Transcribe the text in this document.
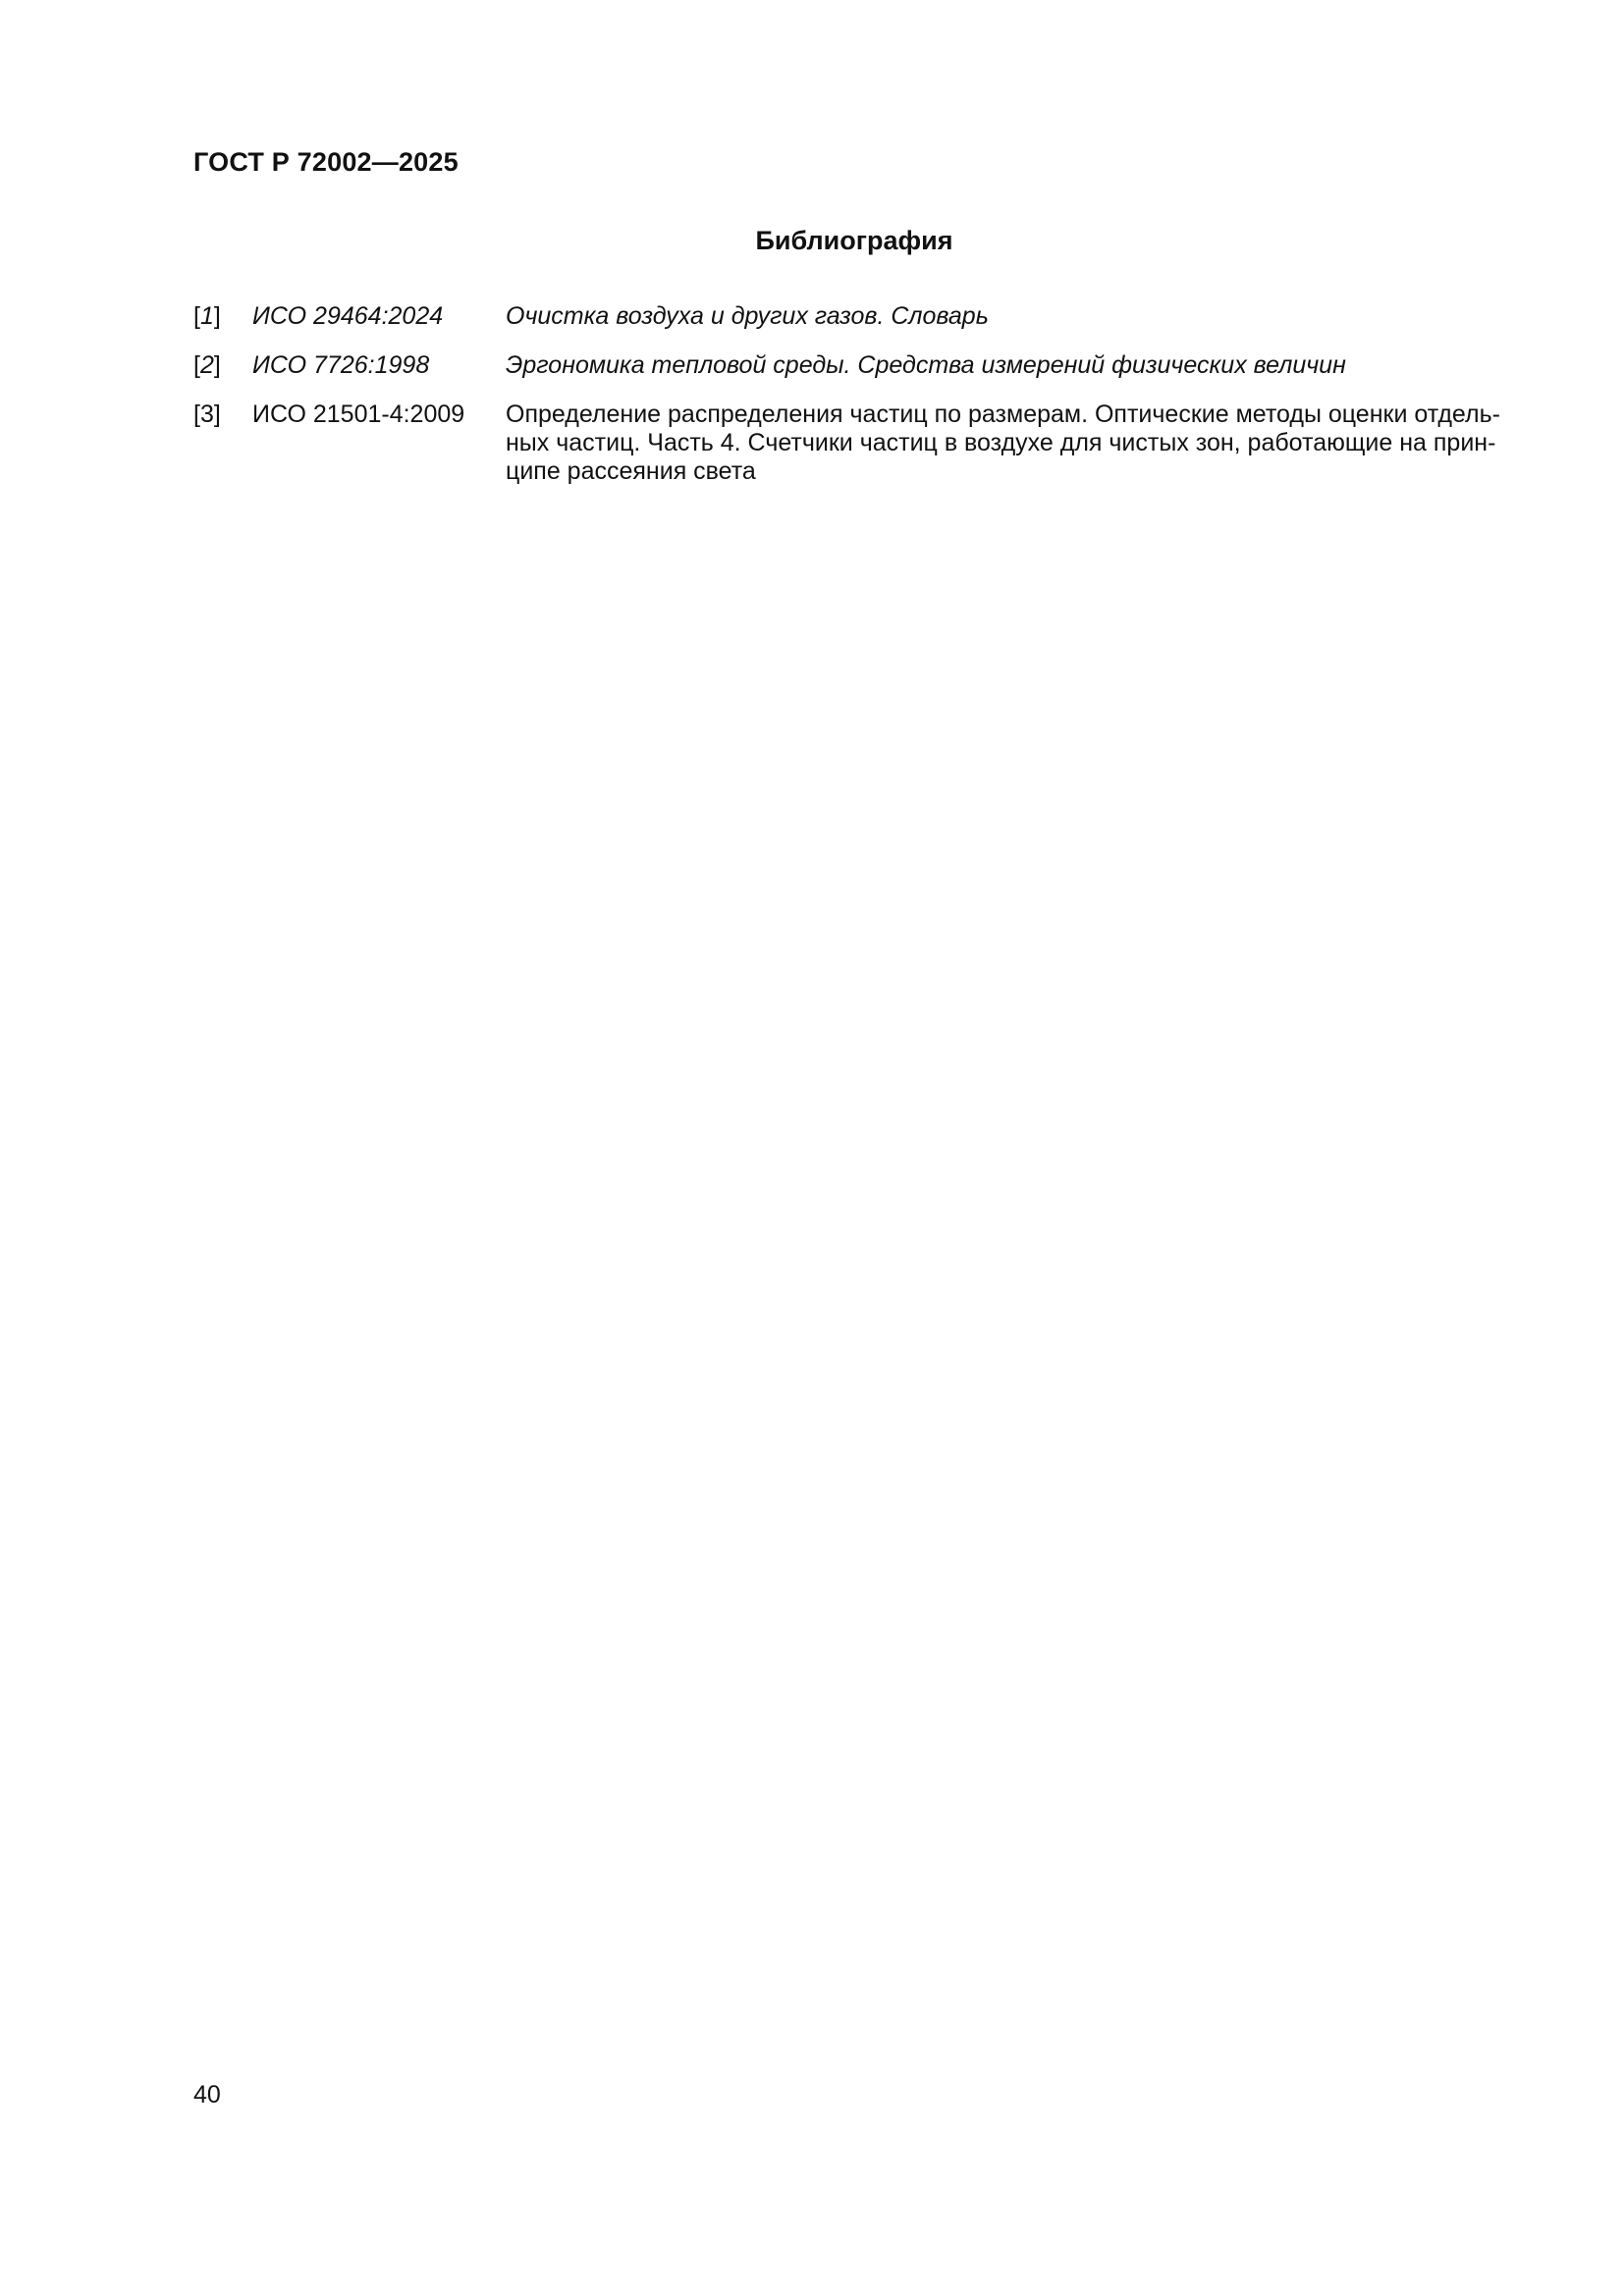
ГОСТ Р 72002—2025
Библиография
[1] ИСО 29464:2024	Очистка воздуха и других газов. Словарь
[2] ИСО 7726:1998	Эргономика тепловой среды. Средства измерений физических величин
[3] ИСО 21501-4:2009 Определение распределения частиц по размерам. Оптические методы оценки отдель-
ных частиц. Часть 4. Счетчики частиц в воздухе для чистых зон, работающие на прин-
ципе рассеяния света
40
